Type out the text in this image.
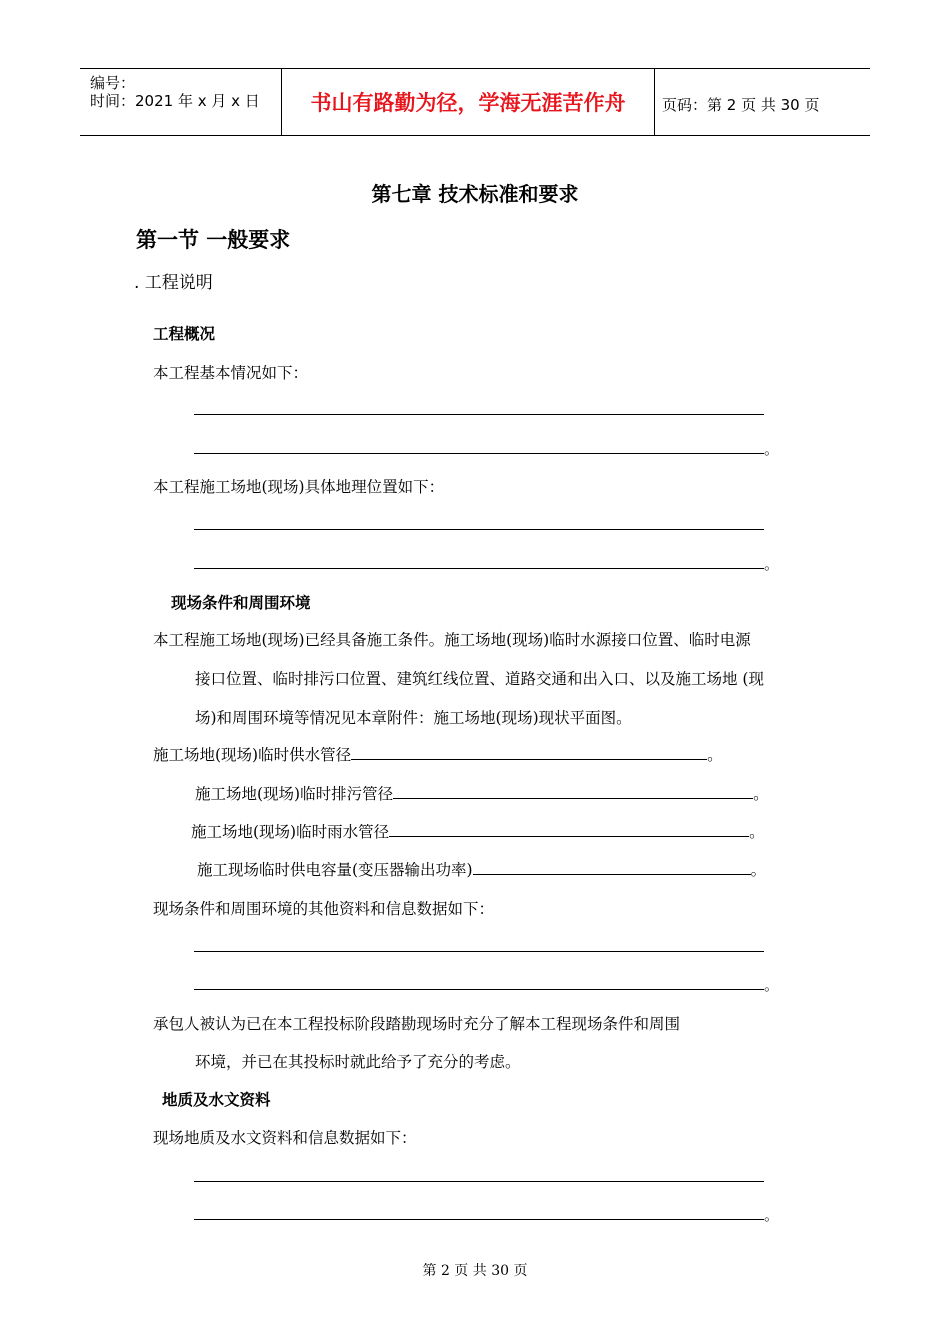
编号：
时间：2021 年 x 月 x 日	书山有路勤为径，学海无涯苦作舟	页码：第 2 页 共 30 页
第七章 技术标准和要求
第一节 一般要求
. 工程说明
工程概况
本工程基本情况如下：
。
本工程施工场地(现场)具体地理位置如下：
。
现场条件和周围环境
本工程施工场地(现场)已经具备施工条件。施工场地(现场)临时水源接口位置、临时电源
接口位置、临时排污口位置、建筑红线位置、道路交通和出入口、以及施工场地 (现
场)和周围环境等情况见本章附件：施工场地(现场)现状平面图。
施工场地(现场)临时供水管径	。
施工场地(现场)临时排污管径	。
施工场地(现场)临时雨水管径	。
施工现场临时供电容量(变压器输出功率)	。
现场条件和周围环境的其他资料和信息数据如下：
。
承包人被认为已在本工程投标阶段踏勘现场时充分了解本工程现场条件和周围
环境，并已在其投标时就此给予了充分的考虑。
地质及水文资料
现场地质及水文资料和信息数据如下：
。
第 2 页 共 30 页
